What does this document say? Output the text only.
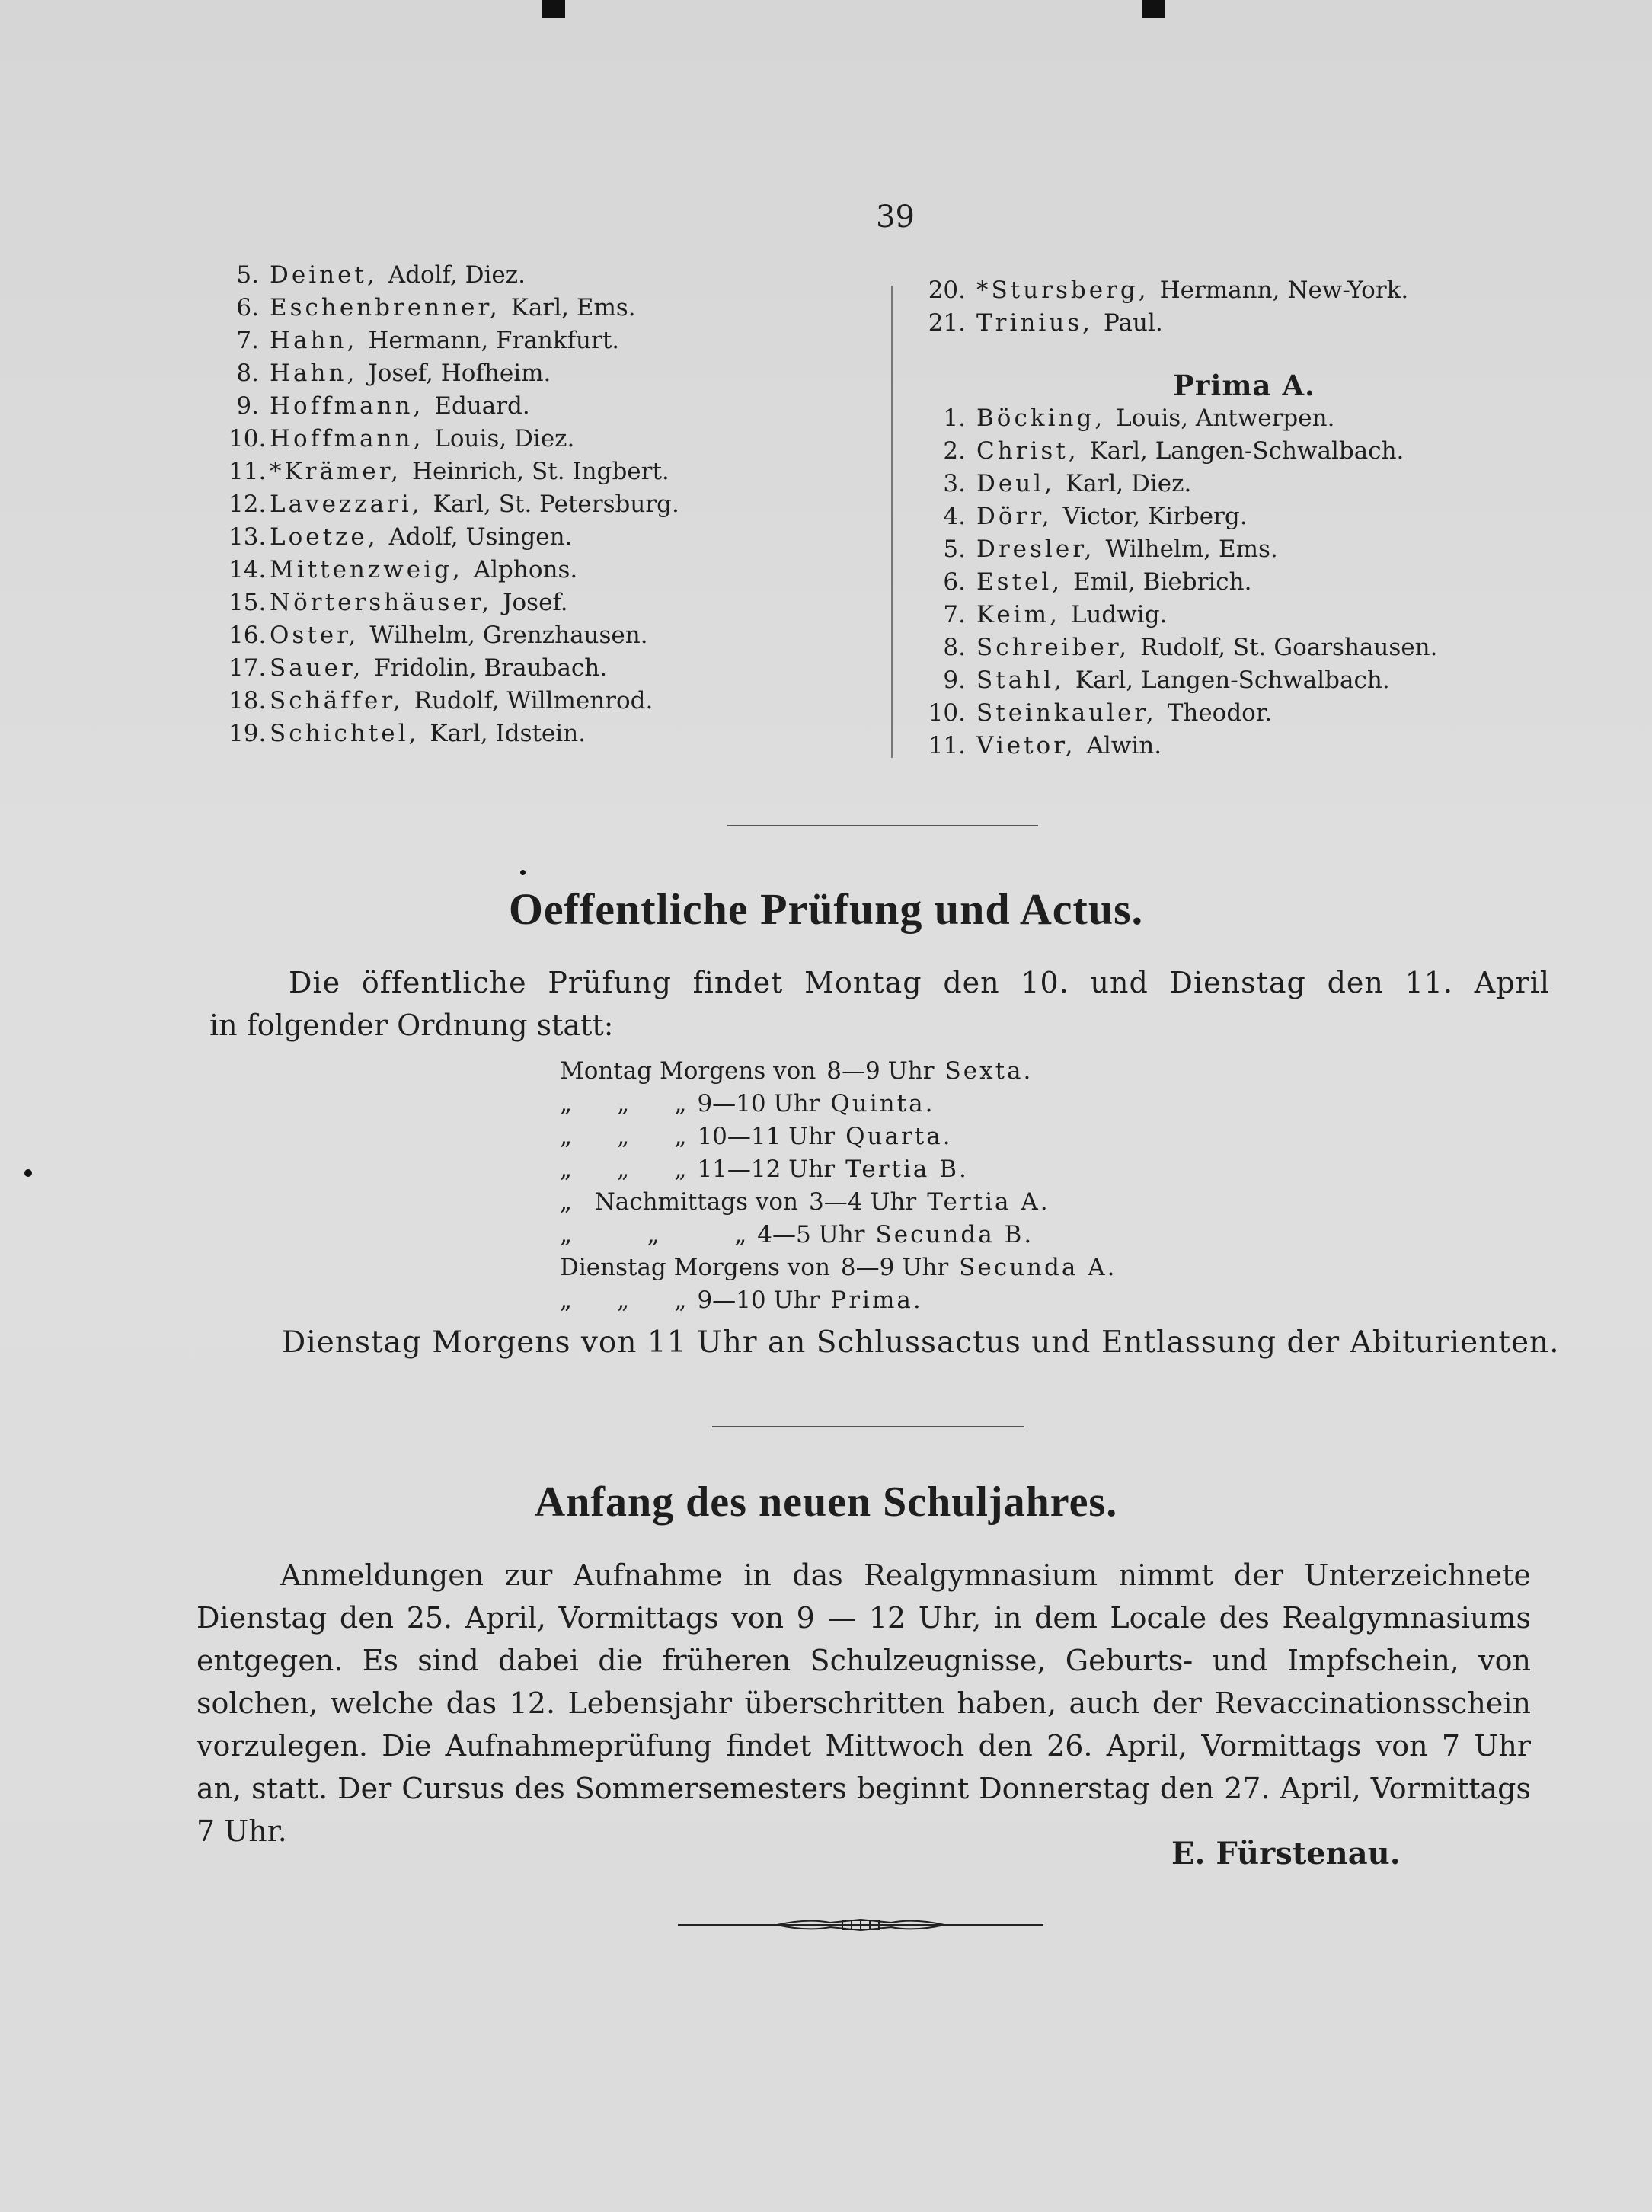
39
5. Deinet, Adolf, Diez.
6. Eschenbrenner, Karl, Ems.
7. Hahn, Hermann, Frankfurt.
8. Hahn, Josef, Hofheim.
9. Hoffmann, Eduard.
10. Hoffmann, Louis, Diez.
11. *Krämer, Heinrich, St. Ingbert.
12. Lavezzari, Karl, St. Petersburg.
13. Loetze, Adolf, Usingen.
14. Mittenzweig, Alphons.
15. Nörtershäuser, Josef.
16. Oster, Wilhelm, Grenzhausen.
17. Sauer, Fridolin, Braubach.
18. Schäffer, Rudolf, Willmenrod.
19. Schichtel, Karl, Idstein.
20. *Stursberg, Hermann, New-York.
21. Trinius, Paul.
Prima A.
1. Böcking, Louis, Antwerpen.
2. Christ, Karl, Langen-Schwalbach.
3. Deul, Karl, Diez.
4. Dörr, Victor, Kirberg.
5. Dresler, Wilhelm, Ems.
6. Estel, Emil, Biebrich.
7. Keim, Ludwig.
8. Schreiber, Rudolf, St. Goarshausen.
9. Stahl, Karl, Langen-Schwalbach.
10. Steinkauler, Theodor.
11. Vietor, Alwin.
Oeffentliche Prüfung und Actus.
Die öffentliche Prüfung findet Montag den 10. und Dienstag den 11. April
in folgender Ordnung statt:
Montag Morgens von 8—9 Uhr Sexta.
„      „      „ 9—10 Uhr Quinta.
„      „      „ 10—11 Uhr Quarta.
„      „      „ 11—12 Uhr Tertia B.
„   Nachmittags von 3—4 Uhr Tertia A.
„          „          „ 4—5 Uhr Secunda B.
Dienstag Morgens von 8—9 Uhr Secunda A.
„      „      „ 9—10 Uhr Prima.
Dienstag Morgens von 11 Uhr an Schlussactus und Entlassung der Abiturienten.
Anfang des neuen Schuljahres.
Anmeldungen zur Aufnahme in das Realgymnasium nimmt der Unterzeichnete Dienstag den 25. April, Vormittags von 9 — 12 Uhr, in dem Locale des Realgymnasiums entgegen. Es sind dabei die früheren Schulzeugnisse, Geburts- und Impfschein, von solchen, welche das 12. Lebensjahr überschritten haben, auch der Revaccinationsschein vorzulegen. Die Aufnahmeprüfung findet Mittwoch den 26. April, Vormittags von 7 Uhr an, statt. Der Cursus des Sommersemesters beginnt Donnerstag den 27. April, Vormittags 7 Uhr.
E. Fürstenau.
